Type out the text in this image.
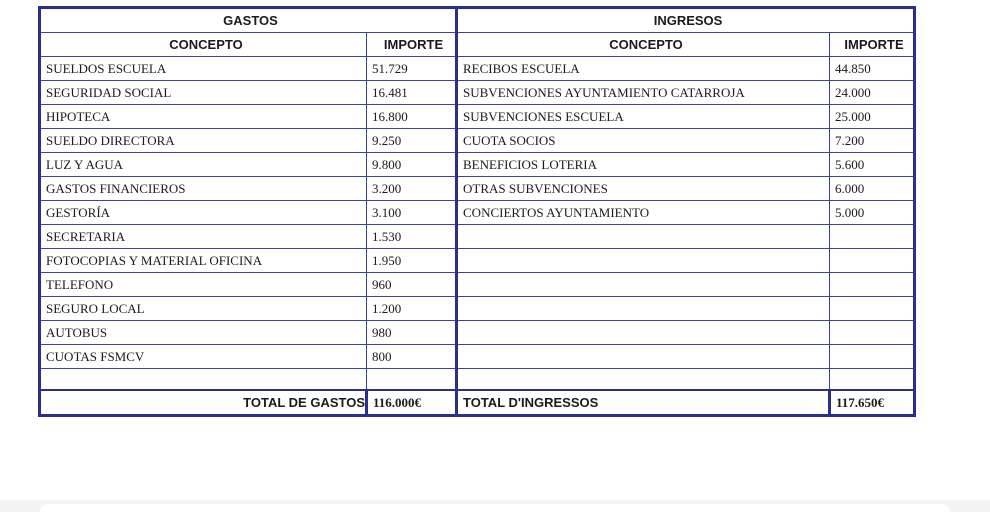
GASTOS		INGRESOS	
CONCEPTO	IMPORTE	CONCEPTO	IMPORTE
SUELDOS ESCUELA	51.729	RECIBOS ESCUELA	44.850
SEGURIDAD SOCIAL	16.481	SUBVENCIONES AYUNTAMIENTO CATARROJA	24.000
HIPOTECA	16.800	SUBVENCIONES ESCUELA	25.000
SUELDO DIRECTORA	9.250	CUOTA SOCIOS	7.200
LUZ Y AGUA	9.800	BENEFICIOS LOTERIA	5.600
GASTOS FINANCIEROS	3.200	OTRAS SUBVENCIONES	6.000
GESTORÍA	3.100	CONCIERTOS AYUNTAMIENTO	5.000
SECRETARIA	1.530		
FOTOCOPIAS Y MATERIAL OFICINA	1.950		
TELEFONO	960		
SEGURO LOCAL	1.200		
AUTOBUS	980		
CUOTAS FSMCV	800		

TOTAL DE GASTOS	116.000€	TOTAL D'INGRESSOS	117.650€
